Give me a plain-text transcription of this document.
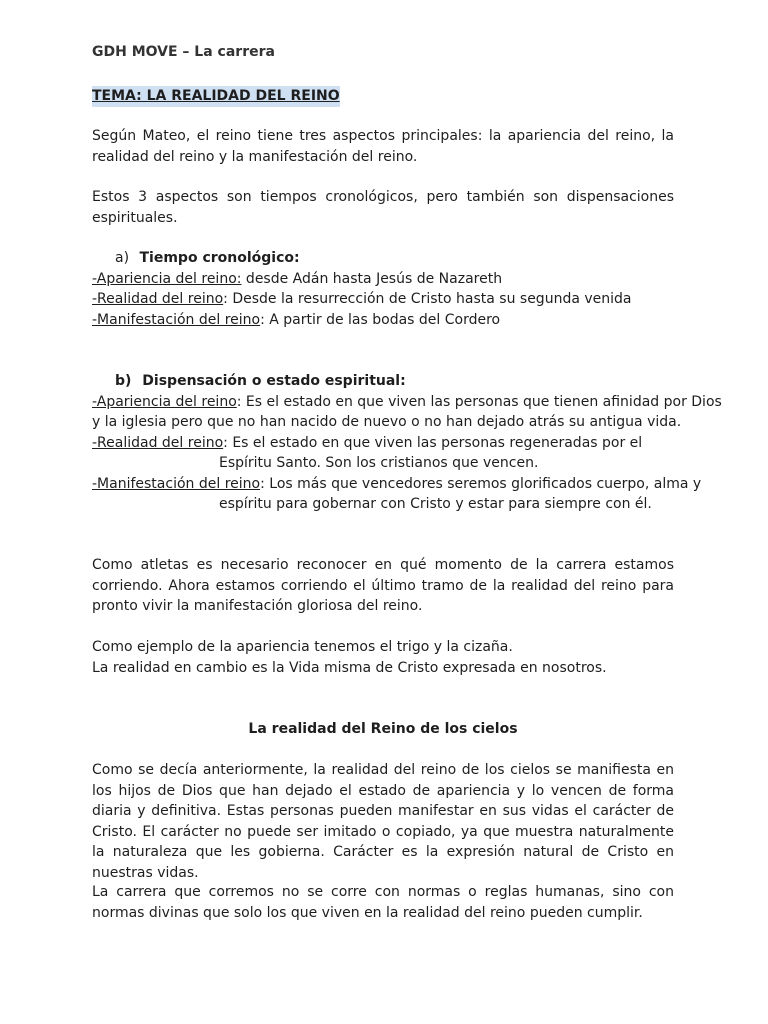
GDH MOVE – La carrera
TEMA: LA REALIDAD DEL REINO
Según Mateo, el reino tiene tres aspectos principales: la apariencia del reino, la realidad del reino y la manifestación del reino.
Estos 3 aspectos son tiempos cronológicos, pero también son dispensaciones
espirituales.
a) Tiempo cronológico:
-Apariencia del reino: desde Adán hasta Jesús de Nazareth
-Realidad del reino: Desde la resurrección de Cristo hasta su segunda venida
-Manifestación del reino: A partir de las bodas del Cordero
b) Dispensación o estado espiritual:
-Apariencia del reino: Es el estado en que viven las personas que tienen afinidad por Dios
y la iglesia pero que no han nacido de nuevo o no han dejado atrás su antigua vida.
-Realidad del reino: Es el estado en que viven las personas regeneradas por el
Espíritu Santo. Son los cristianos que vencen.
-Manifestación del reino: Los más que vencedores seremos glorificados cuerpo, alma y
espíritu para gobernar con Cristo y estar para siempre con él.
Como atletas es necesario reconocer en qué momento de la carrera estamos corriendo. Ahora estamos corriendo el último tramo de la realidad del reino para pronto vivir la manifestación gloriosa del reino.
Como ejemplo de la apariencia tenemos el trigo y la cizaña.
La realidad en cambio es la Vida misma de Cristo expresada en nosotros.
La realidad del Reino de los cielos
Como se decía anteriormente, la realidad del reino de los cielos se manifiesta en los hijos de Dios que han dejado el estado de apariencia y lo vencen de forma diaria y definitiva. Estas personas pueden manifestar en sus vidas el carácter de Cristo. El carácter no puede ser imitado o copiado, ya que muestra naturalmente la naturaleza que les gobierna. Carácter es la expresión natural de Cristo en nuestras vidas.
La carrera que corremos no se corre con normas o reglas humanas, sino con normas divinas que solo los que viven en la realidad del reino pueden cumplir.
